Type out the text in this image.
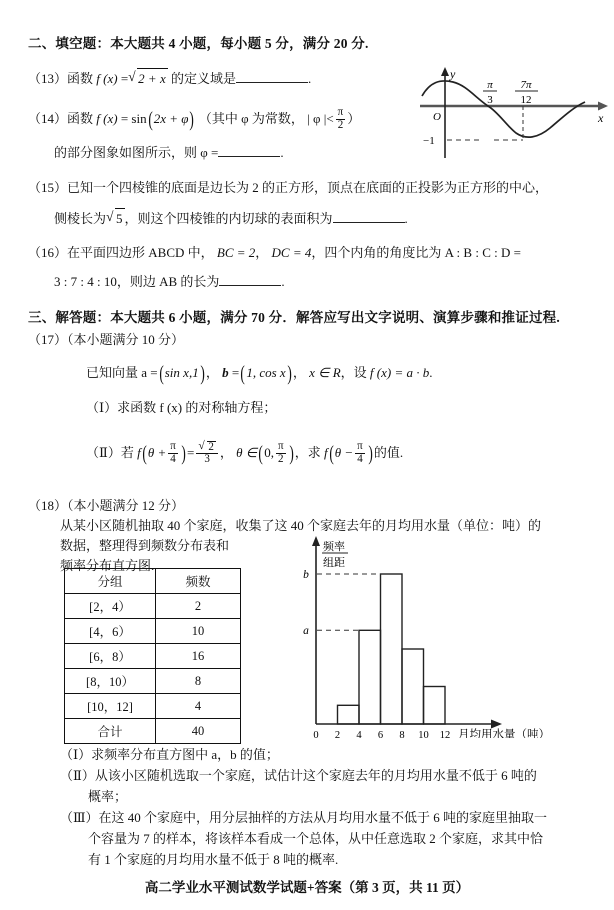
二、填空题：本大题共 4 小题，每小题 5 分，满分 20 分.
（13）函数 f (x) = √ 2 + x 的定义域是	.
（14）函数 f (x) = sin(2x + φ) （其中 φ 为常数， | φ |< $\frac{\pi}{2}$ ）
的部分图象如图所示，则 φ =	.
（15）已知一个四棱锥的底面是边长为 2 的正方形，顶点在底面的正投影为正方形的中心，
侧棱长为 √ 5 ，则这个四棱锥的内切球的表面积为	.
（16）在平面四边形 ABCD 中， BC = 2， DC = 4，四个内角的角度比为 A : B : C : D =
3 : 7 : 4 : 10，则边 AB 的长为	.
π
3
7π
12
y
x
O
−1
三、解答题：本大题共 6 小题，满分 70 分．解答应写出文字说明、演算步骤和推证过程.
（17）（本小题满分 10 分）
已知向量 a =(sin x,1)， b =(1, cos x)， x ∈ R，设 f (x) = a · b.
（Ⅰ）求函数 f (x) 的对称轴方程；
（Ⅱ）若 $f(\theta + \frac{\pi}{4}$ )= √ $\frac{2}{3}$ ， θ ∈(0, $\frac{\pi}{2}$ )，求 $f(\theta - \frac{\pi}{4}$ )的值.
（18）（本小题满分 12 分）
从某小区随机抽取 40 个家庭，收集了这 40 个家庭去年的月均用水量（单位：吨）的
数据，整理得到频数分布表和
频率分布直方图.
分组	频数
[2，4）	2
[4，6）	10
[6，8）	16
[8，10）	8
[10，12]	4
合计	40
a
b
频率
组距
0 2 4 6 8 10 12 月均用水量（吨）
（Ⅰ）求频率分布直方图中 a，b 的值；
（Ⅱ）从该小区随机选取一个家庭，试估计这个家庭去年的月均用水量不低于 6 吨的
概率；
（Ⅲ）在这 40 个家庭中，用分层抽样的方法从月均用水量不低于 6 吨的家庭里抽取一
个容量为 7 的样本，将该样本看成一个总体，从中任意选取 2 个家庭，求其中恰
有 1 个家庭的月均用水量不低于 8 吨的概率.
高二学业水平测试数学试题+答案（第 3 页，共 11 页）
